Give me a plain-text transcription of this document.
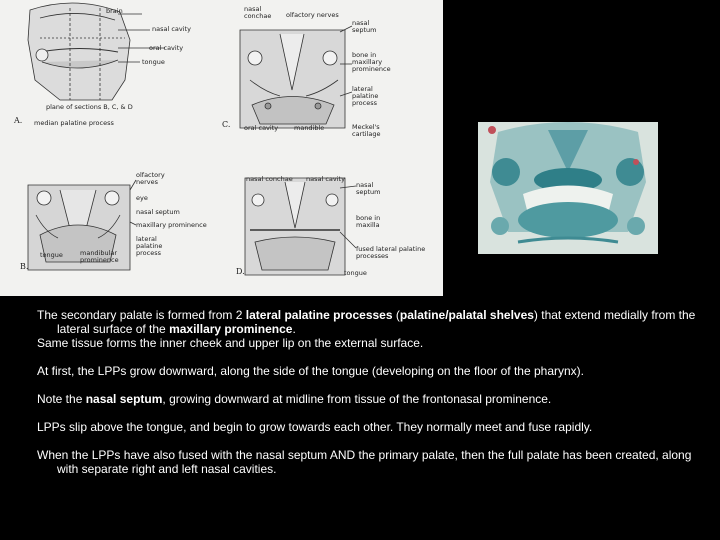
A.
brain
nasal cavity
oral cavity
tongue
plane of sections B, C, & D
median palatine process
B.
olfactory nerves
eye
nasal septum
maxillary prominence
lateral palatine process
tongue	mandibular prominence
C.
nasal conchae	olfactory nerves
nasal septum
bone in maxillary prominence
lateral palatine process
oral cavity mandible	Meckel's cartilage
D.
nasal conchae nasal cavity
nasal septum
bone in maxilla
fused lateral palatine processes
tongue

The secondary palate is formed from 2 lateral palatine processes (palatine/palatal shelves) that extend medially from the lateral surface of the maxillary prominence.

Same tissue forms the inner cheek and upper lip on the external surface.

At first, the LPPs grow downward, along the side of the tongue (developing on the floor of the pharynx).

Note the nasal septum, growing downward at midline from tissue of the frontonasal prominence.

LPPs slip above the tongue, and begin to grow towards each other. They normally meet and fuse rapidly.

When the LPPs have also fused with the nasal septum AND the primary palate, then the full palate has been created, along with separate right and left nasal cavities.
